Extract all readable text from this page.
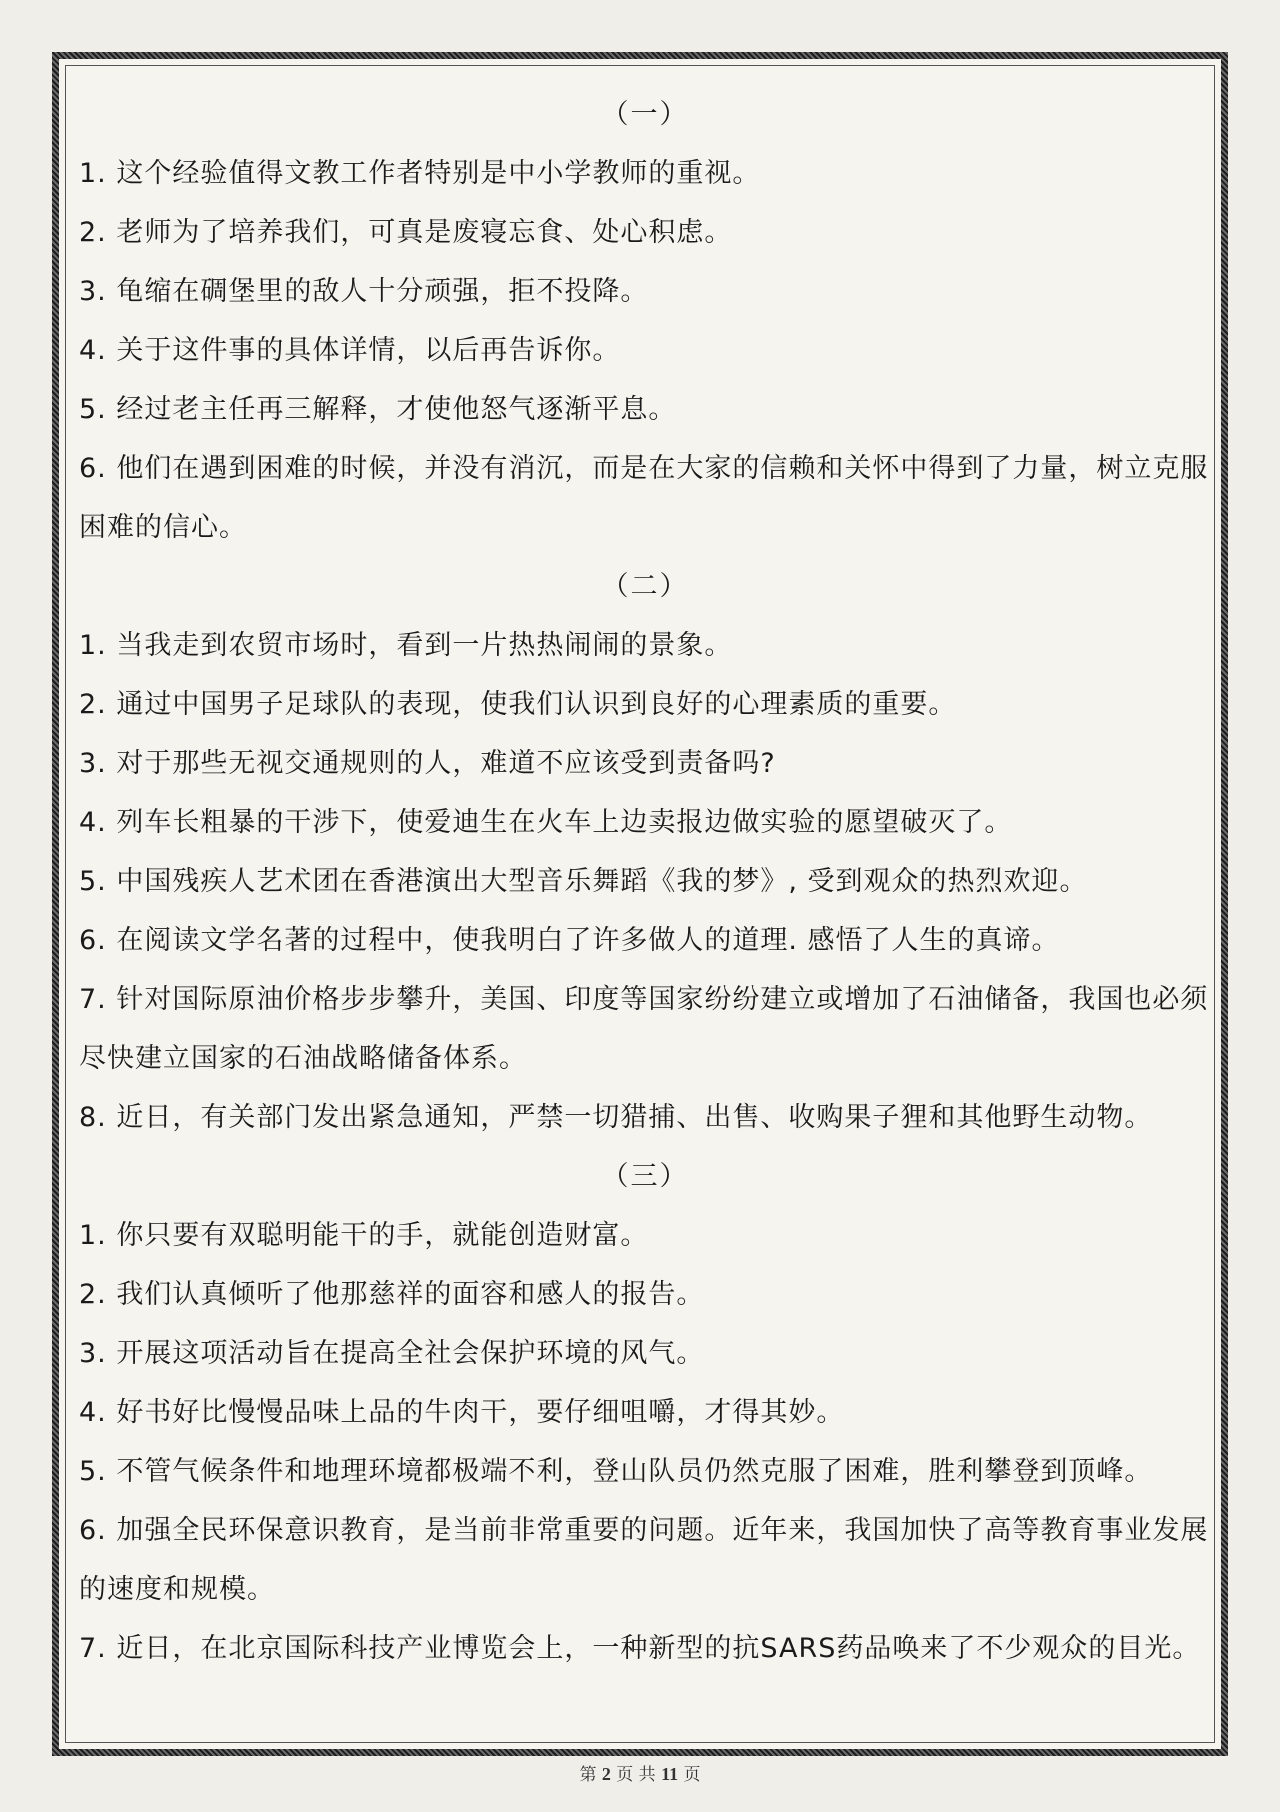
（一）
1. 这个经验值得文教工作者特别是中小学教师的重视。
2. 老师为了培养我们，可真是废寝忘食、处心积虑。
3. 龟缩在碉堡里的敌人十分顽强，拒不投降。
4. 关于这件事的具体详情，以后再告诉你。
5. 经过老主任再三解释，才使他怒气逐渐平息。
6. 他们在遇到困难的时候，并没有消沉，而是在大家的信赖和关怀中得到了力量，树立克服困难的信心。
（二）
1. 当我走到农贸市场时，看到一片热热闹闹的景象。
2. 通过中国男子足球队的表现，使我们认识到良好的心理素质的重要。
3. 对于那些无视交通规则的人，难道不应该受到责备吗?
4. 列车长粗暴的干涉下，使爱迪生在火车上边卖报边做实验的愿望破灭了。
5. 中国残疾人艺术团在香港演出大型音乐舞蹈《我的梦》, 受到观众的热烈欢迎。
6. 在阅读文学名著的过程中，使我明白了许多做人的道理. 感悟了人生的真谛。
7. 针对国际原油价格步步攀升，美国、印度等国家纷纷建立或增加了石油储备，我国也必须尽快建立国家的石油战略储备体系。
8. 近日，有关部门发出紧急通知，严禁一切猎捕、出售、收购果子狸和其他野生动物。
（三）
1. 你只要有双聪明能干的手，就能创造财富。
2. 我们认真倾听了他那慈祥的面容和感人的报告。
3. 开展这项活动旨在提高全社会保护环境的风气。
4. 好书好比慢慢品味上品的牛肉干，要仔细咀嚼，才得其妙。
5. 不管气候条件和地理环境都极端不利，登山队员仍然克服了困难，胜利攀登到顶峰。
6. 加强全民环保意识教育，是当前非常重要的问题。近年来，我国加快了高等教育事业发展的速度和规模。
7. 近日，在北京国际科技产业博览会上，一种新型的抗SARS药品唤来了不少观众的目光。
第 2 页 共 11 页
